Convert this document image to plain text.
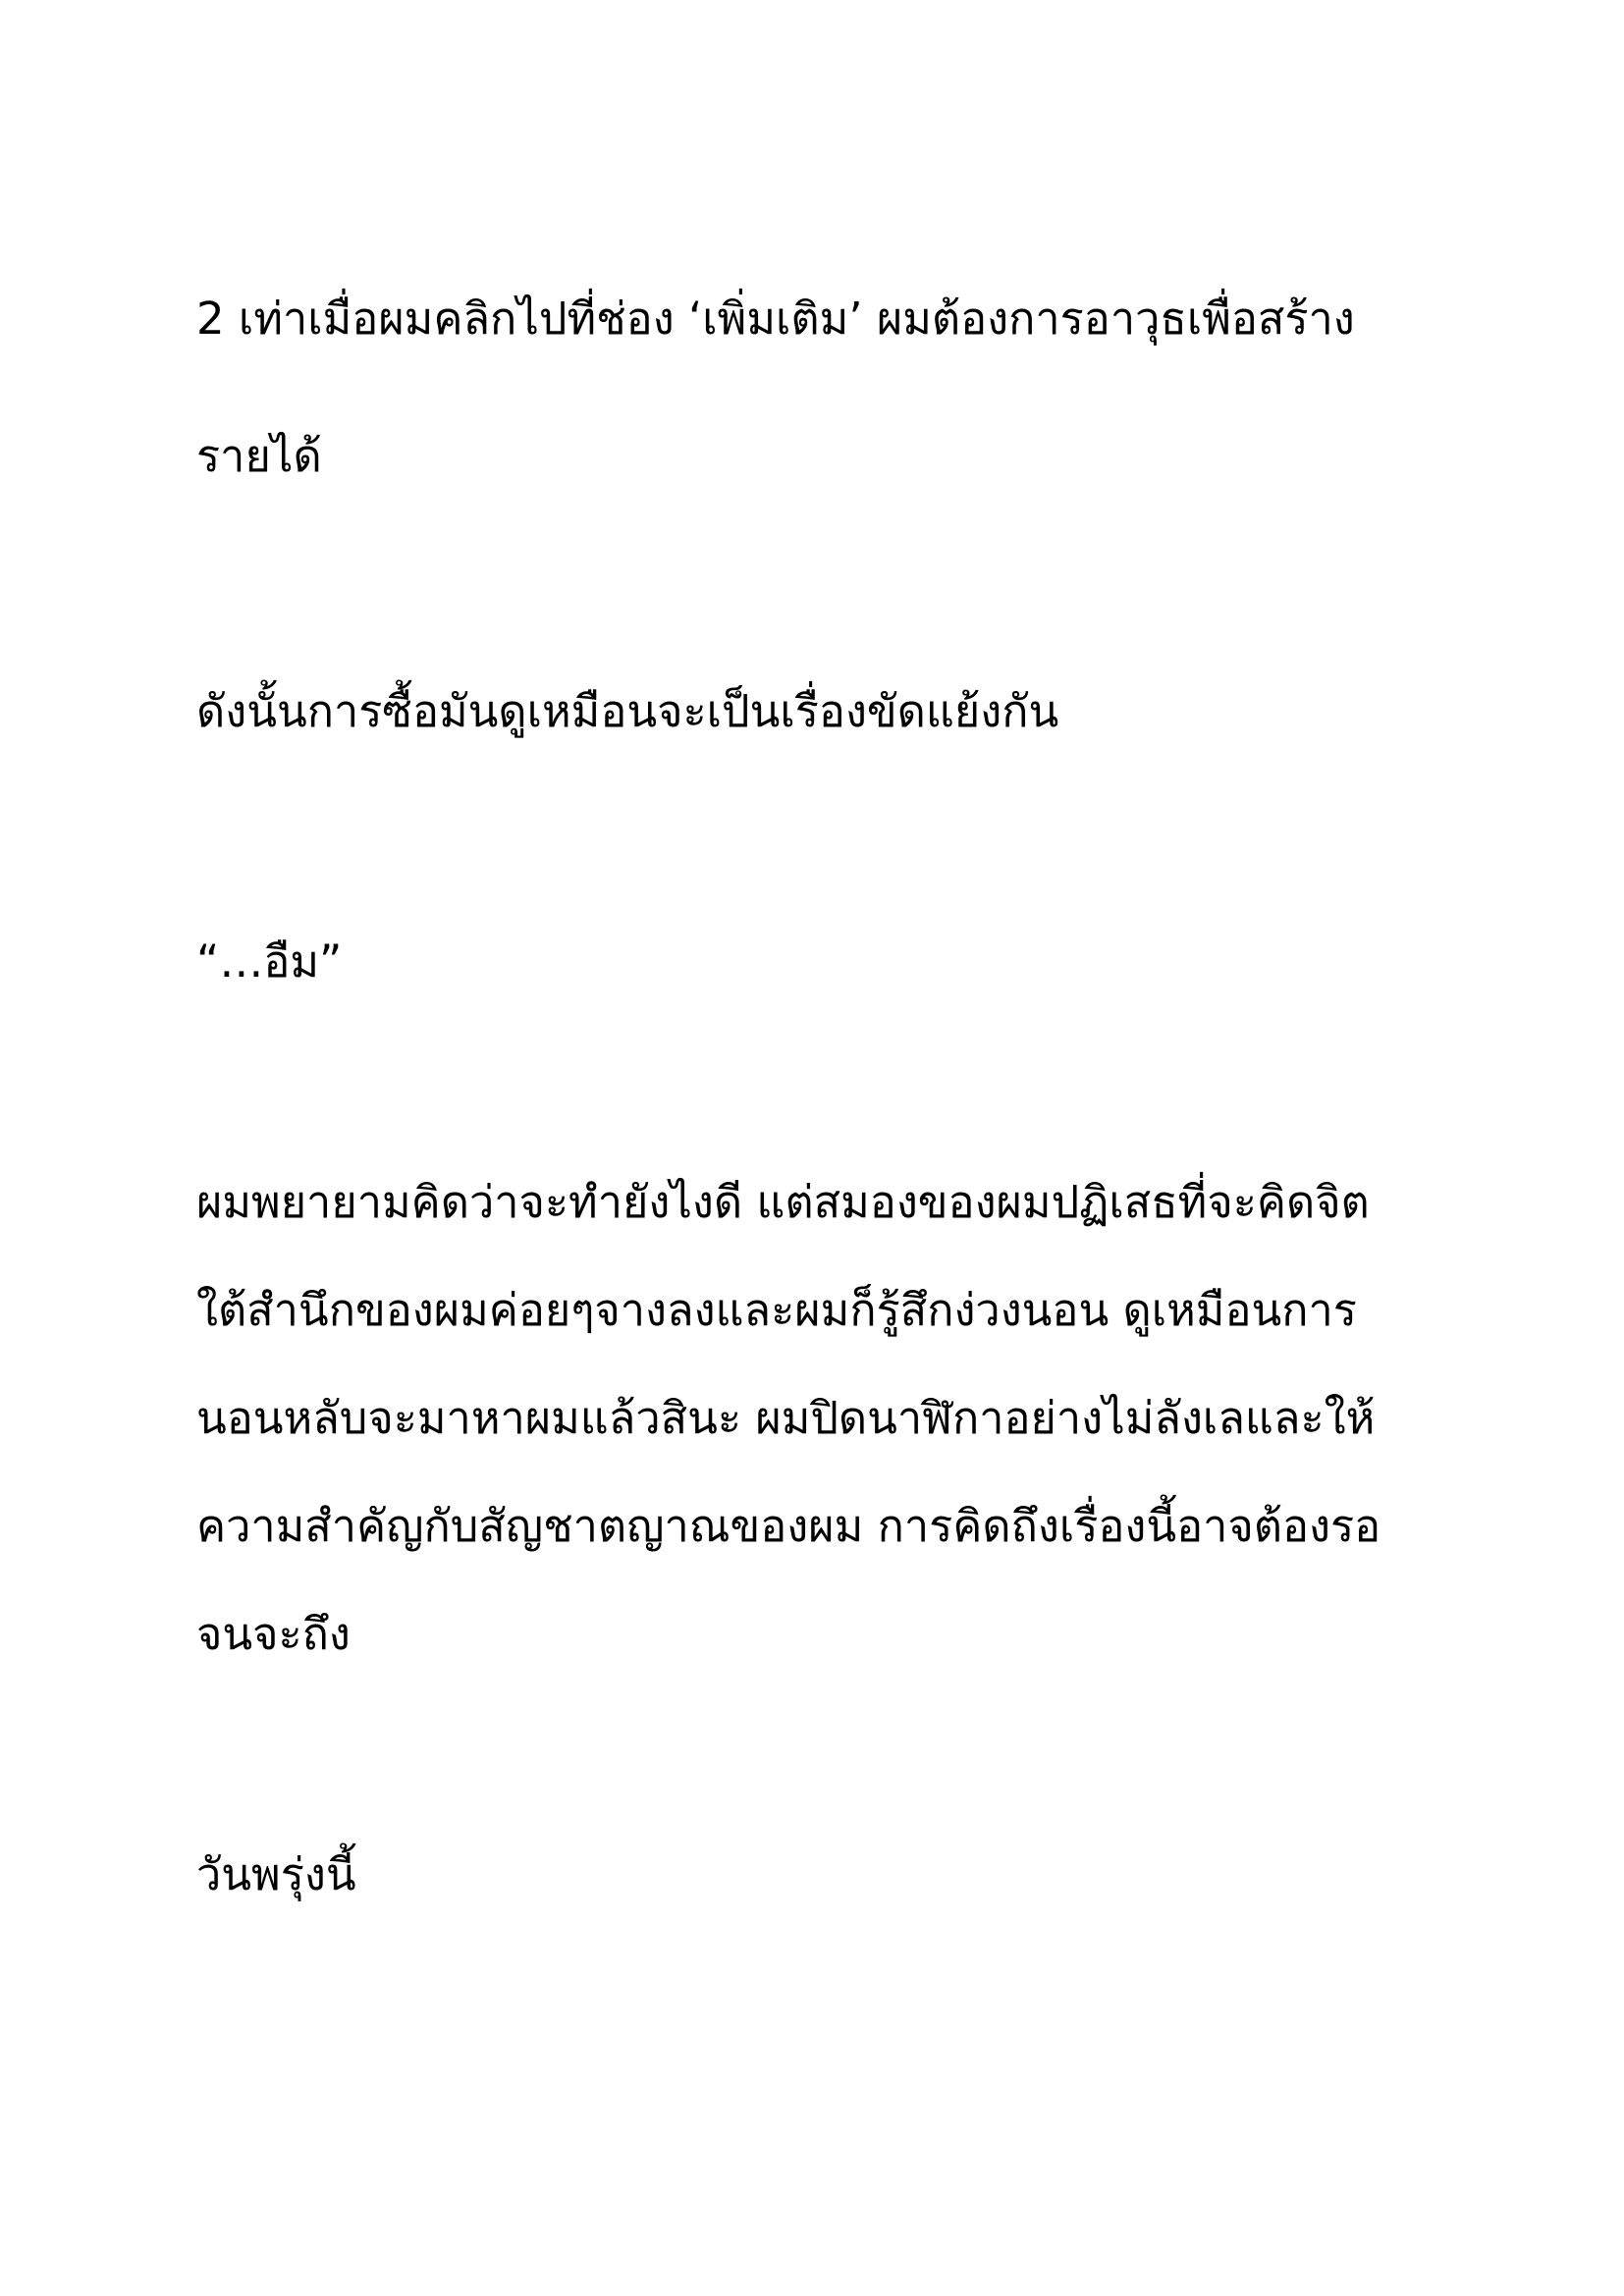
2 เท่าเมื่อผมคลิกไปที่ช่อง ‘เพิ่มเติม’ ผมต้องการอาวุธเพื่อสร้าง
รายได้
ดังนั้นการซื้อมันดูเหมือนจะเป็นเรื่องขัดแย้งกัน
“…อืม”
ผมพยายามคิดว่าจะทำยังไงดี แต่สมองของผมปฏิเสธที่จะคิดจิต
ใต้สำนึกของผมค่อยๆจางลงและผมก็รู้สึกง่วงนอน ดูเหมือนการ
นอนหลับจะมาหาผมแล้วสินะ ผมปิดนาฬิกาอย่างไม่ลังเลและให้
ความสำคัญกับสัญชาตญาณของผม การคิดถึงเรื่องนี้อาจต้องรอ
จนจะถึง
วันพรุ่งนี้
